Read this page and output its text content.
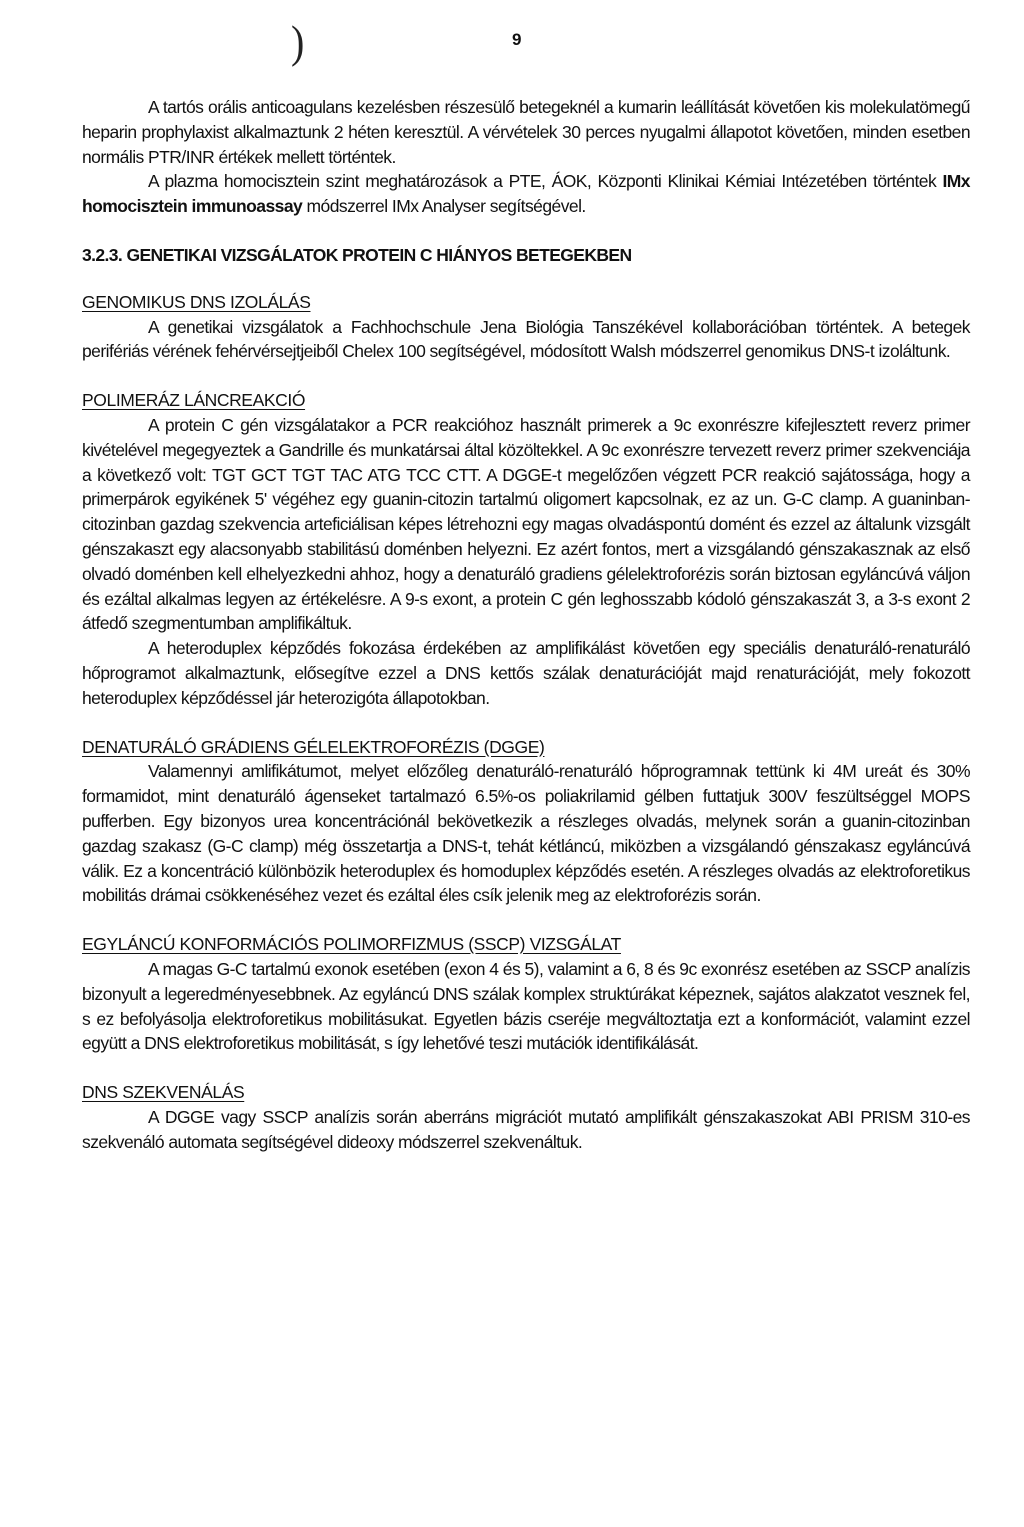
)	9

A tartós orális anticoagulans kezelésben részesülő betegeknél a kumarin leállítását követően kis molekulatömegű heparin prophylaxist alkalmaztunk 2 héten keresztül. A vérvételek 30 perces nyugalmi állapotot követően, minden esetben normális PTR/INR értékek mellett történtek.

A plazma homocisztein szint meghatározások a PTE, ÁOK, Központi Klinikai Kémiai Intézetében történtek IMx homocisztein immunoassay módszerrel IMx Analyser segítségével.

3.2.3. GENETIKAI VIZSGÁLATOK PROTEIN C HIÁNYOS BETEGEKBEN
GENOMIKUS DNS IZOLÁLÁS

A genetikai vizsgálatok a Fachhochschule Jena Biológia Tanszékével kollaborációban történtek. A betegek perifériás vérének fehérvérsejtjeiből Chelex 100 segítségével, módosított Walsh módszerrel genomikus DNS-t izoláltunk.

POLIMERÁZ LÁNCREAKCIÓ

A protein C gén vizsgálatakor a PCR reakcióhoz használt primerek a 9c exonrészre kifejlesztett reverz primer kivételével megegyeztek a Gandrille és munkatársai által közöltekkel. A 9c exonrészre tervezett reverz primer szekvenciája a következő volt: TGT GCT TGT TAC ATG TCC CTT. A DGGE-t megelőzően végzett PCR reakció sajátossága, hogy a primerpárok egyikének 5' végéhez egy guanin-citozin tartalmú oligomert kapcsolnak, ez az un. G-C clamp. A guaninban-citozinban gazdag szekvencia arteficiálisan képes létrehozni egy magas olvadáspontú domént és ezzel az általunk vizsgált génszakaszt egy alacsonyabb stabilitású doménben helyezni. Ez azért fontos, mert a vizsgálandó génszakasznak az első olvadó doménben kell elhelyezkedni ahhoz, hogy a denaturáló gradiens gélelektroforézis során biztosan egyláncúvá váljon és ezáltal alkalmas legyen az értékelésre. A 9-s exont, a protein C gén leghosszabb kódoló génszakaszát 3, a 3-s exont 2 átfedő szegmentumban amplifikáltuk.

A heteroduplex képződés fokozása érdekében az amplifikálást követően egy speciális denaturáló-renaturáló hőprogramot alkalmaztunk, elősegítve ezzel a DNS kettős szálak denaturációját majd renaturációját, mely fokozott heteroduplex képződéssel jár heterozigóta állapotokban.

DENATURÁLÓ GRÁDIENS GÉLELEKTROFORÉZIS (DGGE)

Valamennyi amlifikátumot, melyet előzőleg denaturáló-renaturáló hőprogramnak tettünk ki 4M ureát és 30% formamidot, mint denaturáló ágenseket tartalmazó 6.5%-os poliakrilamid gélben futtatjuk 300V feszültséggel MOPS pufferben. Egy bizonyos urea koncentrációnál bekövetkezik a részleges olvadás, melynek során a guanin-citozinban gazdag szakasz (G-C clamp) még összetartja a DNS-t, tehát kétláncú, miközben a vizsgálandó génszakasz egyláncúvá válik. Ez a koncentráció különbözik heteroduplex és homoduplex képződés esetén. A részleges olvadás az elektroforetikus mobilitás drámai csökkenéséhez vezet és ezáltal éles csík jelenik meg az elektroforézis során.

EGYLÁNCÚ KONFORMÁCIÓS POLIMORFIZMUS (SSCP) VIZSGÁLAT

A magas G-C tartalmú exonok esetében (exon 4 és 5), valamint a 6, 8 és 9c exonrész esetében az SSCP analízis bizonyult a legeredményesebbnek. Az egyláncú DNS szálak komplex struktúrákat képeznek, sajátos alakzatot vesznek fel, s ez befolyásolja elektroforetikus mobilitásukat. Egyetlen bázis cseréje megváltoztatja ezt a konformációt, valamint ezzel együtt a DNS elektroforetikus mobilitását, s így lehetővé teszi mutációk identifikálását.

DNS SZEKVENÁLÁS

A DGGE vagy SSCP analízis során aberráns migrációt mutató amplifikált génszakaszokat ABI PRISM 310-es szekvenáló automata segítségével dideoxy módszerrel szekvenáltuk.
